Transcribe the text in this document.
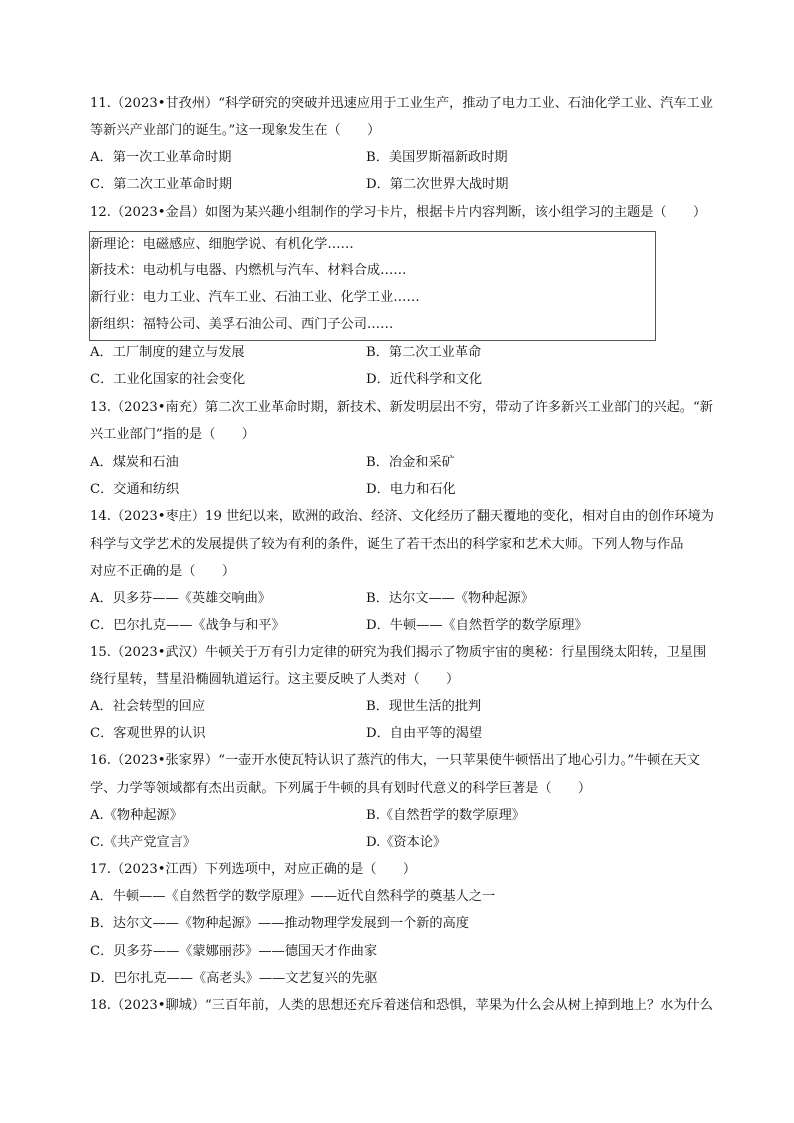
11.（2023•甘孜州）“科学研究的突破并迅速应用于工业生产，推动了电力工业、石油化学工业、汽车工业
等新兴产业部门的诞生。”这一现象发生在（　　）
A．第一次工业革命时期	B．美国罗斯福新政时期
C．第二次工业革命时期	D．第二次世界大战时期
12.（2023•金昌）如图为某兴趣小组制作的学习卡片，根据卡片内容判断，该小组学习的主题是（　　）
新理论：电磁感应、细胞学说、有机化学……
新技术：电动机与电器、内燃机与汽车、材料合成……
新行业：电力工业、汽车工业、石油工业、化学工业……
新组织：福特公司、美孚石油公司、西门子公司……
A．工厂制度的建立与发展	B．第二次工业革命
C．工业化国家的社会变化	D．近代科学和文化
13.（2023•南充）第二次工业革命时期，新技术、新发明层出不穷，带动了许多新兴工业部门的兴起。“新
兴工业部门”指的是（　　）
A．煤炭和石油	B．冶金和采矿
C．交通和纺织	D．电力和石化
14.（2023•枣庄）19 世纪以来，欧洲的政治、经济、文化经历了翻天覆地的变化，相对自由的创作环境为
科学与文学艺术的发展提供了较为有利的条件，诞生了若干杰出的科学家和艺术大师。下列人物与作品
对应不正确的是（　　）
A．贝多芬——《英雄交响曲》	B．达尔文——《物种起源》
C．巴尔扎克——《战争与和平》	D．牛顿——《自然哲学的数学原理》
15.（2023•武汉）牛顿关于万有引力定律的研究为我们揭示了物质宇宙的奥秘：行星围绕太阳转，卫星围
绕行星转，彗星沿椭圆轨道运行。这主要反映了人类对（　　）
A．社会转型的回应	B．现世生活的批判
C．客观世界的认识	D．自由平等的渴望
16.（2023•张家界）“一壶开水使瓦特认识了蒸汽的伟大，一只苹果使牛顿悟出了地心引力。”牛顿在天文
学、力学等领域都有杰出贡献。下列属于牛顿的具有划时代意义的科学巨著是（　　）
A.《物种起源》	B.《自然哲学的数学原理》
C.《共产党宣言》	D.《资本论》
17.（2023•江西）下列选项中，对应正确的是（　　）
A．牛顿——《自然哲学的数学原理》——近代自然科学的奠基人之一
B．达尔文——《物种起源》——推动物理学发展到一个新的高度
C．贝多芬——《蒙娜丽莎》——德国天才作曲家
D．巴尔扎克——《高老头》——文艺复兴的先驱
18.（2023•聊城）“三百年前，人类的思想还充斥着迷信和恐惧，苹果为什么会从树上掉到地上？水为什么
